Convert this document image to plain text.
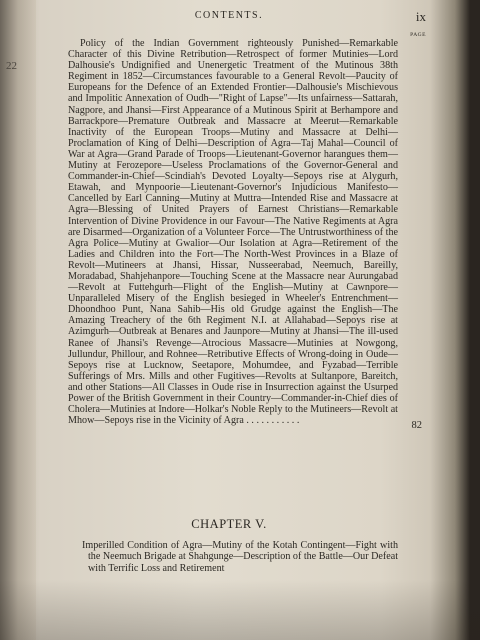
22
CONTENTS.	ix
PAGE

Policy of the Indian Government righteously Punished—Remarkable Character of this Divine Retribution—Retrospect of former Mutinies—Lord Dalhousie's Undignified and Unenergetic Treatment of the Mutinous 38th Regiment in 1852—Circumstances favourable to a General Revolt—Paucity of Europeans for the Defence of an Extended Frontier—Dalhousie's Mischievous and Impolitic Annexation of Oudh—"Right of Lapse"—Its unfairness—Sattarah, Nagpore, and Jhansi—First Appearance of a Mutinous Spirit at Berhampore and Barrackpore—Premature Outbreak and Massacre at Meerut—Remarkable Inactivity of the European Troops—Mutiny and Massacre at Delhi—Proclamation of King of Delhi—Description of Agra—Taj Mahal—Council of War at Agra—Grand Parade of Troops—Lieutenant-Governor harangues them—Mutiny at Ferozepore—Useless Proclamations of the Governor-General and Commander-in-Chief—Scindiah's Devoted Loyalty—Sepoys rise at Alygurh, Etawah, and Mynpoorie—Lieutenant-Governor's Injudicious Manifesto—Cancelled by Earl Canning—Mutiny at Muttra—Intended Rise and Massacre at Agra—Blessing of United Prayers of Earnest Christians—Remarkable Intervention of Divine Providence in our Favour—The Native Regiments at Agra are Disarmed—Organization of a Volunteer Force—The Untrustworthiness of the Agra Police—Mutiny at Gwalior—Our Isolation at Agra—Retirement of the Ladies and Children into the Fort—The North-West Provinces in a Blaze of Revolt—Mutineers at Jhansi, Hissar, Nusseerabad, Neemuch, Bareilly, Moradabad, Shahjehanpore—Touching Scene at the Massacre near Aurungabad—Revolt at Futtehgurh—Flight of the English—Mutiny at Cawnpore—Unparalleled Misery of the English besieged in Wheeler's Entrenchment—Dhoondhoo Punt, Nana Sahib—His old Grudge against the English—The Amazing Treachery of the 6th Regiment N.I. at Allahabad—Sepoys rise at Azimgurh—Outbreak at Benares and Jaunpore—Mutiny at Jhansi—The ill-used Ranee of Jhansi's Revenge—Atrocious Massacre—Mutinies at Nowgong, Jullundur, Phillour, and Rohnee—Retributive Effects of Wrong-doing in Oude—Sepoys rise at Lucknow, Seetapore, Mohumdee, and Fyzabad—Terrible Sufferings of Mrs. Mills and other Fugitives—Revolts at Sultanpore, Bareitch, and other Stations—All Classes in Oude rise in Insurrection against the Usurped Power of the British Government in their Country—Commander-in-Chief dies of Cholera—Mutinies at Indore—Holkar's Noble Reply to the Mutineers—Revolt at Mhow—Sepoys rise in the Vicinity of Agra . . . . . . . . . . .	82
CHAPTER V.

Imperilled Condition of Agra—Mutiny of the Kotah Contingent—Fight with the Neemuch Brigade at Shahgunge—Description of the Battle—Our Defeat with Terrific Loss and Retirement
